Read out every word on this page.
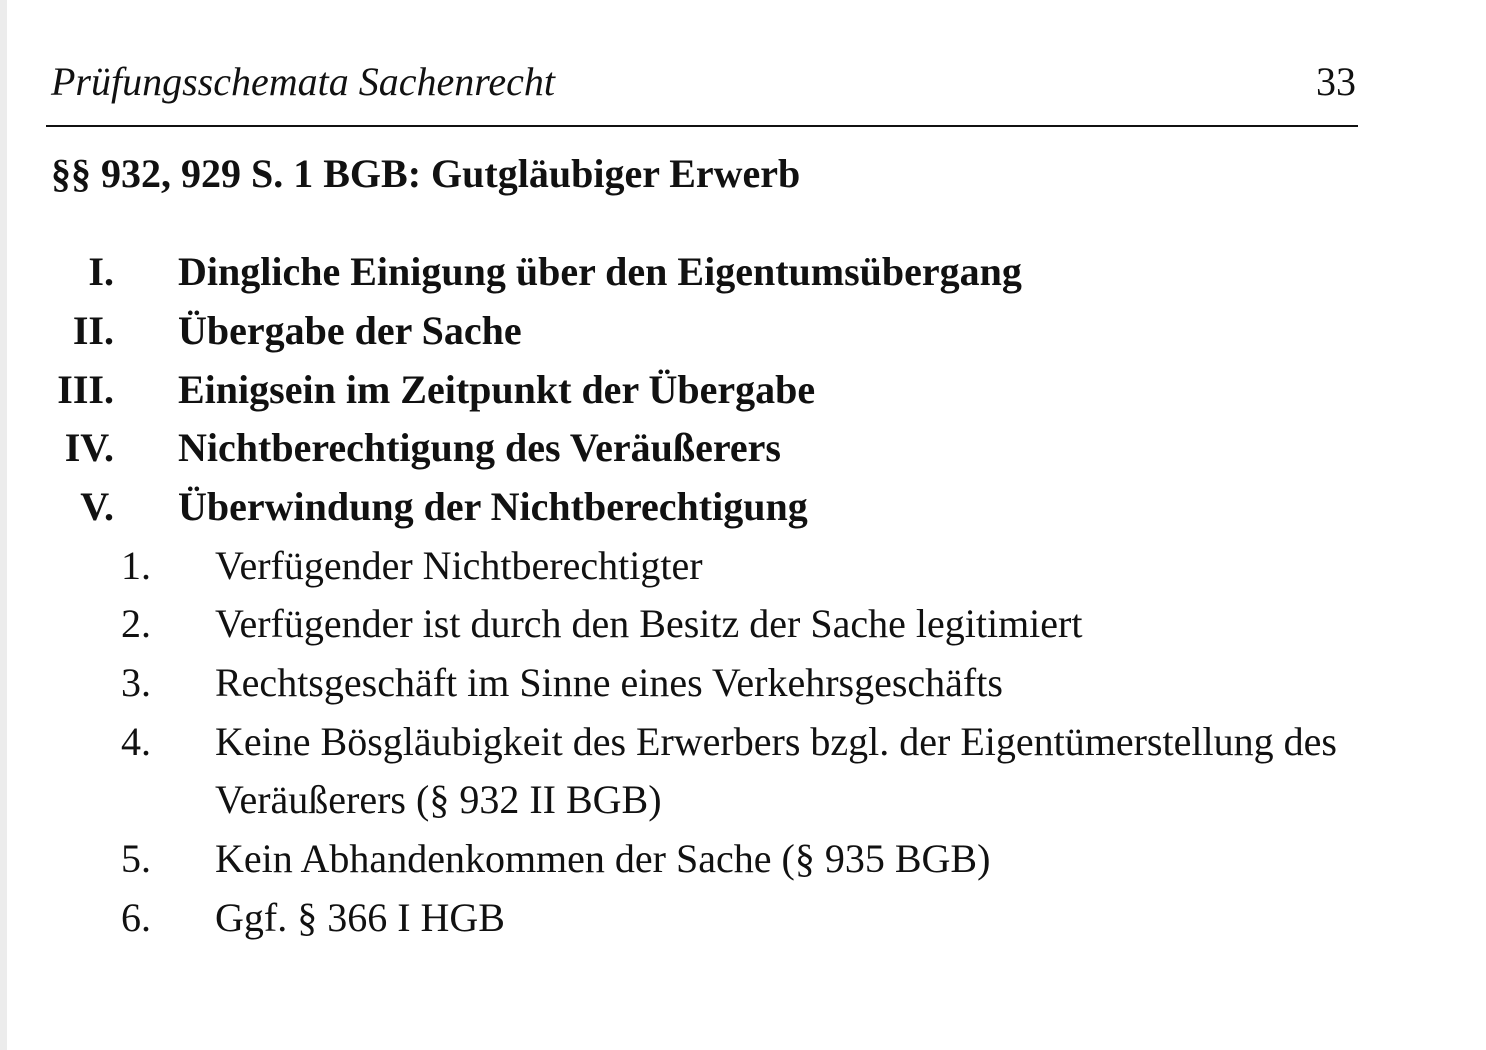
Prüfungsschemata Sachenrecht	33
§§ 932, 929 S. 1 BGB: Gutgläubiger Erwerb
I. Dingliche Einigung über den Eigentumsübergang
II. Übergabe der Sache
III. Einigsein im Zeitpunkt der Übergabe
IV. Nichtberechtigung des Veräußerers
V. Überwindung der Nichtberechtigung
1. Verfügender Nichtberechtigter
2. Verfügender ist durch den Besitz der Sache legitimiert
3. Rechtsgeschäft im Sinne eines Verkehrsgeschäfts
4. Keine Bösgläubigkeit des Erwerbers bzgl. der Eigentümerstellung des
Veräußerers (§ 932 II BGB)
5. Kein Abhandenkommen der Sache (§ 935 BGB)
6. Ggf. § 366 I HGB
